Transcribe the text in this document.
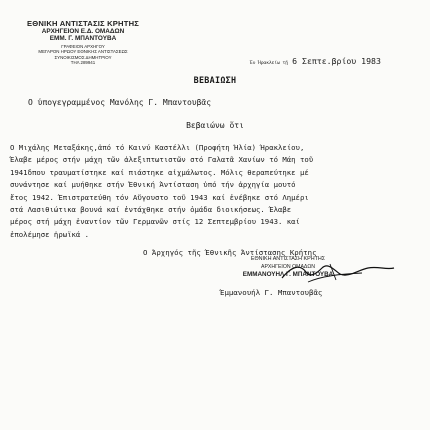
ΕΘΝΙΚΗ ΑΝΤΙΣΤΑΣΙΣ ΚΡΗΤΗΣ
ΑΡΧΗΓΕΙΟΝ Ε.Δ. ΟΜΑΔΩΝ
ΕΜΜ. Γ. ΜΠΑΝΤΟΥΒΑ
ΓΡΑΦΕΙΟΝ ΑΡΧΗΓΟΥ
ΜΕΓΑΡΟΝ ΗΡΩΟΥ ΕΘΝΙΚΗΣ ΑΝΤΙΣΤΑΣΕΩΣ
ΣΥΝΟΙΚΙΣΜΟΣ ΔΗΜΗΤΡΙΟΥ
ΤΗΛ 289941	Έν Ήρακλείω τῇ 6 Σεπτε.βρίου 1983
ΒΕΒΑΙΩΣΗ
Ο ὑπογεγραμμένος Μανόλης Γ. Μπαντουβᾶς
Βεβαιώνω ὅτι
Ο Μιχάλης Μεταξάκης,ἀπό τό Καινύ Καστέλλι (Προφήτη Ήλία) Ήρακλείου,
Έλαβε μέρος στήν μάχη τῶν ἀλεξιπτωτιστῶν στό Γαλατᾶ Χανίων τό Μάη τοῦ
1941δπου τραυματίστηκε καί πιάστηκε αἰχμάλωτος. Μόλις θεραπεύτηκε μέ
συνάντησε καί μυήθηκε στήν Έθνική Άντίσταση ὑπό τήν ἀρχηγία μουτό
ἔτος 1942. Έπιστρατεύθη τόν Αὔγουστο τοῦ 1943 καί ἐνέβηκε στό Λημέρι
στά Λασιθιώτικα βουνά καί ἐντάχθηκε στήν ὁμάδα διοικήσεως. Έλαβε
μέρος στή μάχη ἐναντίον τῶν Γερμανῶν στίς 12 Σεπτεμβρίου 1943. καί
ἐπολέμησε ἡρωϊκά .
Ο Άρχηγός τῆς Έθνικῆς Άντίστασης Κρήτης
ΕΘΝΙΚΗ ΑΝΤΙΣΤΑΣΗ ΚΡΗΤΗΣ
ΑΡΧΗΓΕΙΟΝ ΟΜΑΔΩΝ
ΕΜΜΑΝΟΥΗΛ Γ. ΜΠΑΝΤΟΥΒΑ
Έμμανουήλ Γ. Μπαντουβᾶς
